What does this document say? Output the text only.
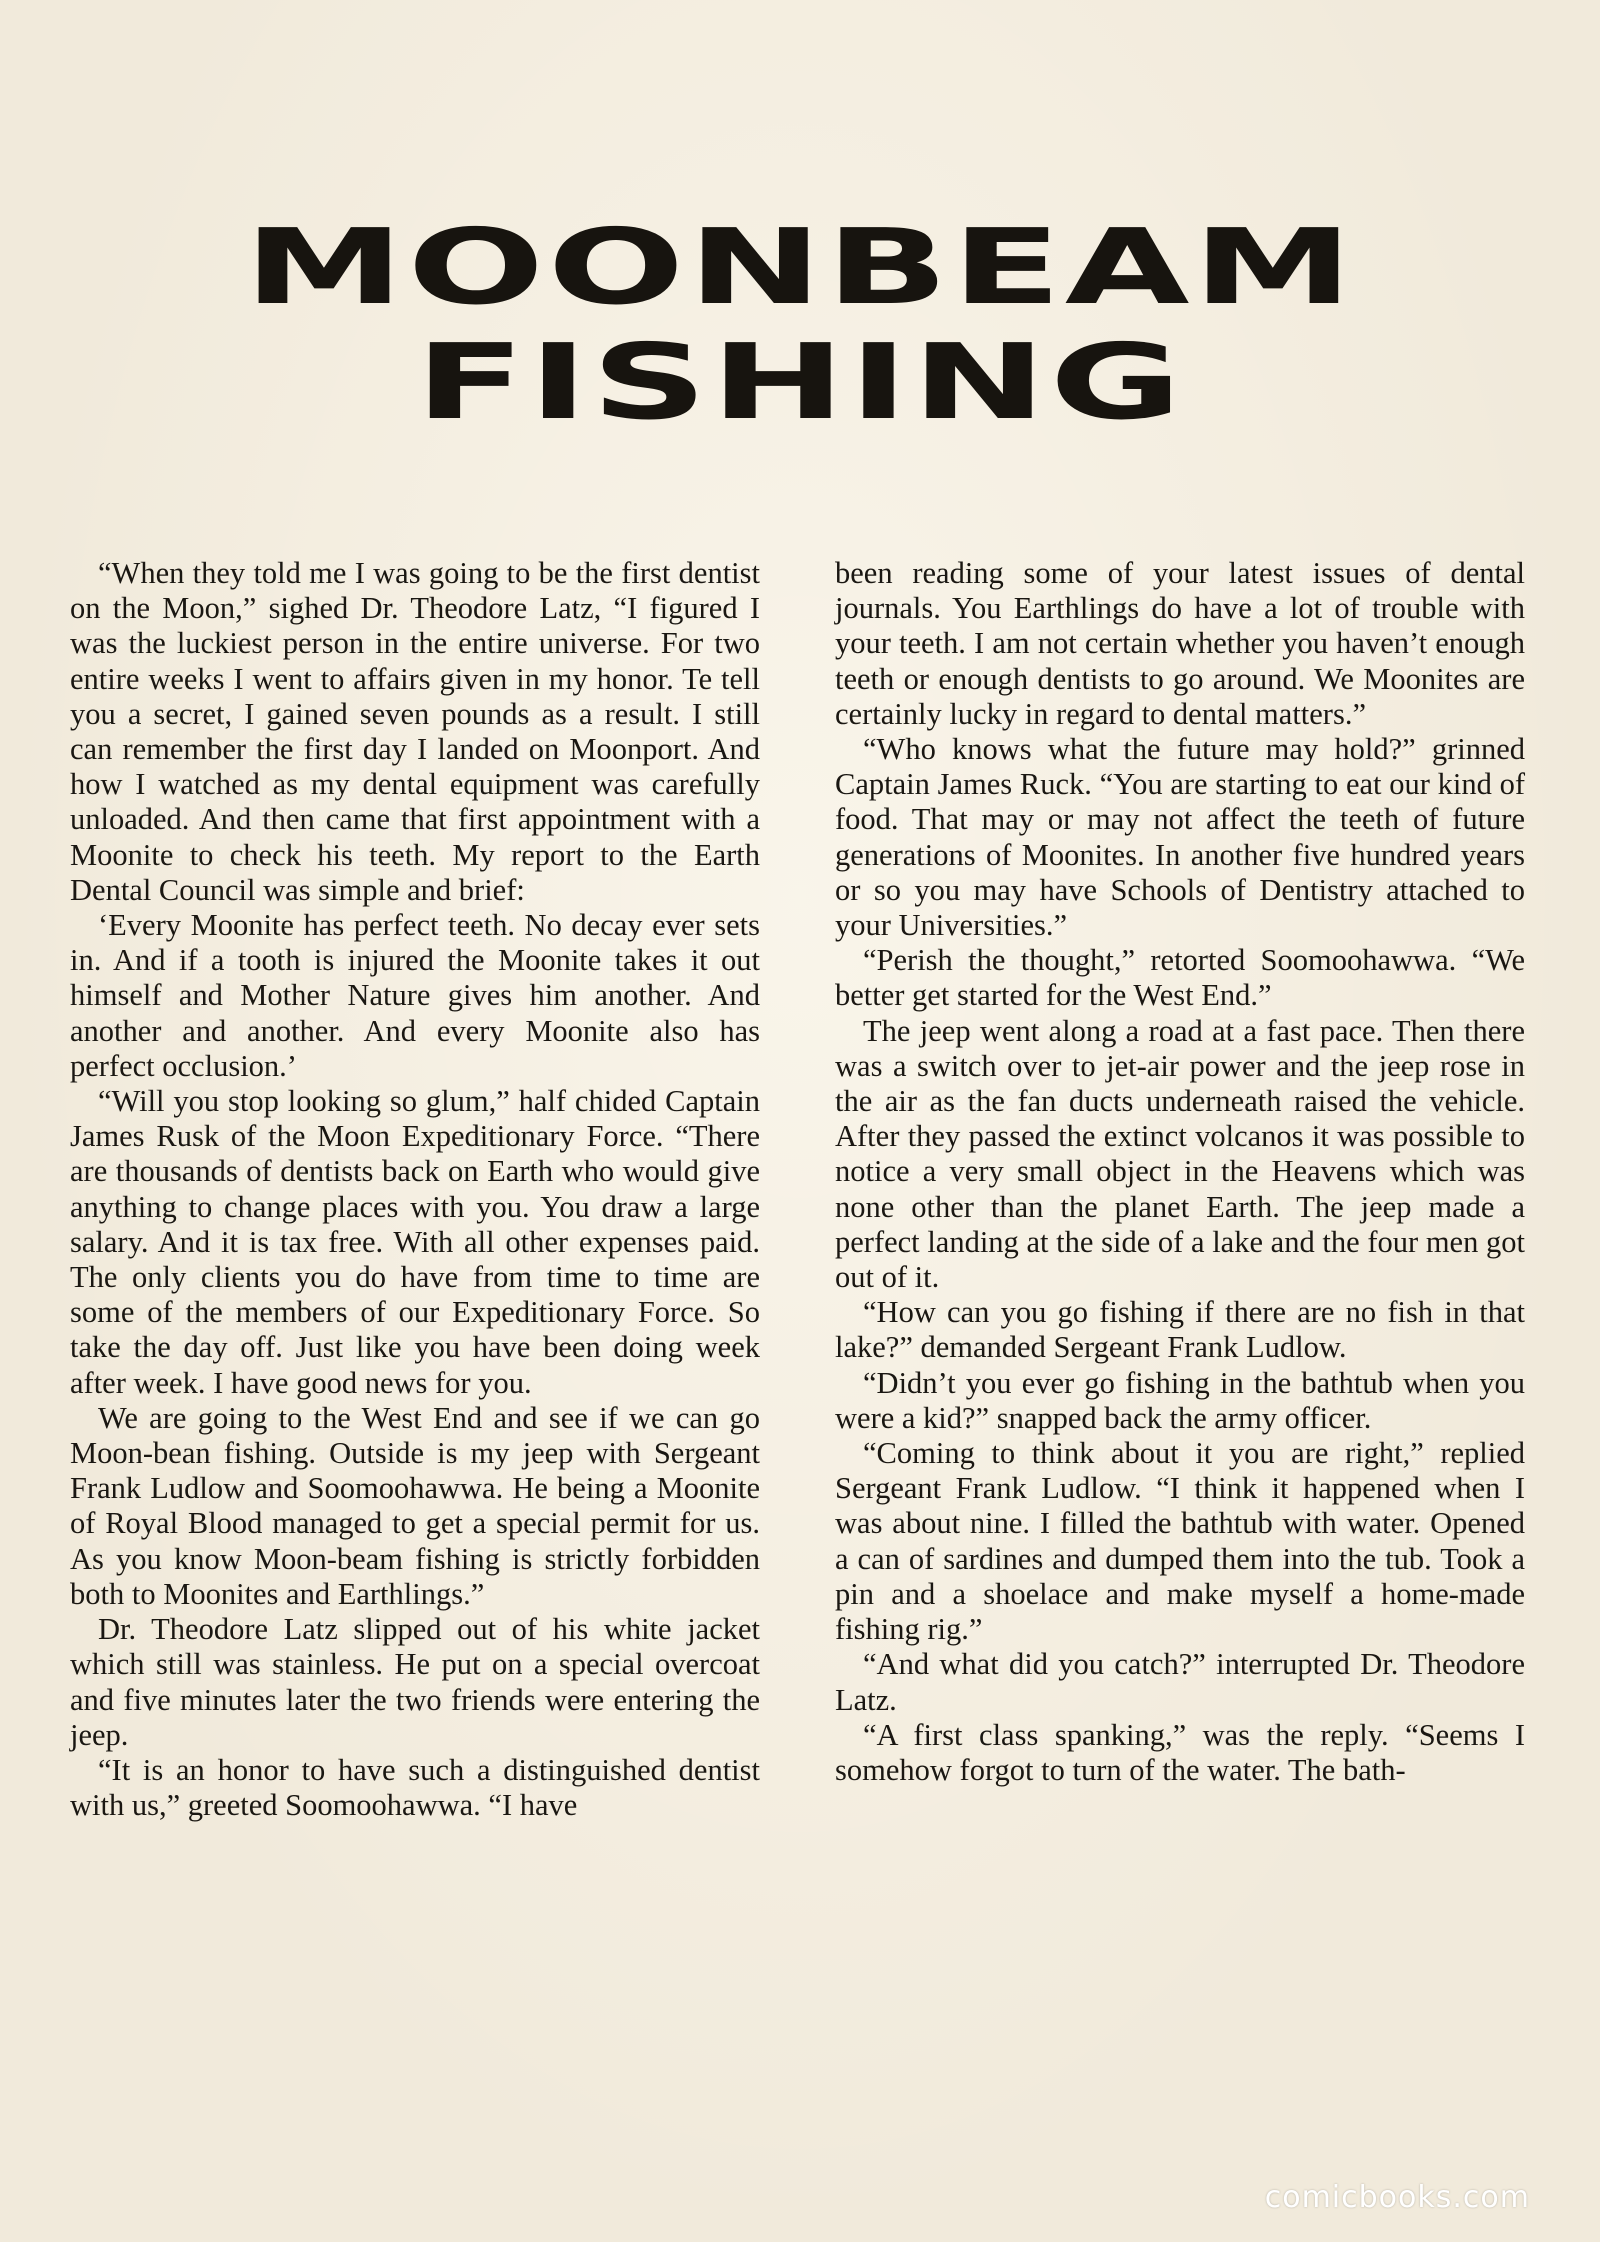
MOONBEAM
FISHING

“When they told me I was going to be the first dentist on the Moon,” sighed Dr. Theodore Latz, “I figured I was the luckiest person in the entire universe. For two entire weeks I went to affairs given in my honor. Te tell you a secret, I gained seven pounds as a result. I still can remember the first day I landed on Moonport. And how I watched as my dental equipment was carefully unloaded. And then came that first appointment with a Moonite to check his teeth. My report to the Earth Dental Council was simple and brief:

‘Every Moonite has perfect teeth. No decay ever sets in. And if a tooth is injured the Moonite takes it out himself and Mother Nature gives him another. And another and another. And every Moonite also has perfect occlusion.’

“Will you stop looking so glum,” half chided Captain James Rusk of the Moon Expeditionary Force. “There are thousands of dentists back on Earth who would give anything to change places with you. You draw a large salary. And it is tax free. With all other expenses paid. The only clients you do have from time to time are some of the members of our Expeditionary Force. So take the day off. Just like you have been doing week after week. I have good news for you.

We are going to the West End and see if we can go Moon-bean fishing. Outside is my jeep with Sergeant Frank Ludlow and Soomoohawwa. He being a Moonite of Royal Blood managed to get a special permit for us. As you know Moon-beam fishing is strictly forbidden both to Moonites and Earthlings.”

Dr. Theodore Latz slipped out of his white jacket which still was stainless. He put on a special overcoat and five minutes later the two friends were entering the jeep.

“It is an honor to have such a distinguished dentist with us,” greeted Soomoohawwa. “I have

been reading some of your latest issues of dental journals. You Earthlings do have a lot of trouble with your teeth. I am not certain whether you haven’t enough teeth or enough dentists to go around. We Moonites are certainly lucky in regard to dental matters.”

“Who knows what the future may hold?” grinned Captain James Ruck. “You are starting to eat our kind of food. That may or may not affect the teeth of future generations of Moonites. In another five hundred years or so you may have Schools of Dentistry attached to your Universities.”

“Perish the thought,” retorted Soomoohawwa. “We better get started for the West End.”

The jeep went along a road at a fast pace. Then there was a switch over to jet-air power and the jeep rose in the air as the fan ducts underneath raised the vehicle. After they passed the extinct volcanos it was possible to notice a very small object in the Heavens which was none other than the planet Earth. The jeep made a perfect landing at the side of a lake and the four men got out of it.

“How can you go fishing if there are no fish in that lake?” demanded Sergeant Frank Ludlow.

“Didn’t you ever go fishing in the bathtub when you were a kid?” snapped back the army officer.

“Coming to think about it you are right,” replied Sergeant Frank Ludlow. “I think it happened when I was about nine. I filled the bathtub with water. Opened a can of sardines and dumped them into the tub. Took a pin and a shoelace and make myself a home-made fishing rig.”

“And what did you catch?” interrupted Dr. Theodore Latz.

“A first class spanking,” was the reply. “Seems I somehow forgot to turn of the water. The bath-

comicbooks.com
